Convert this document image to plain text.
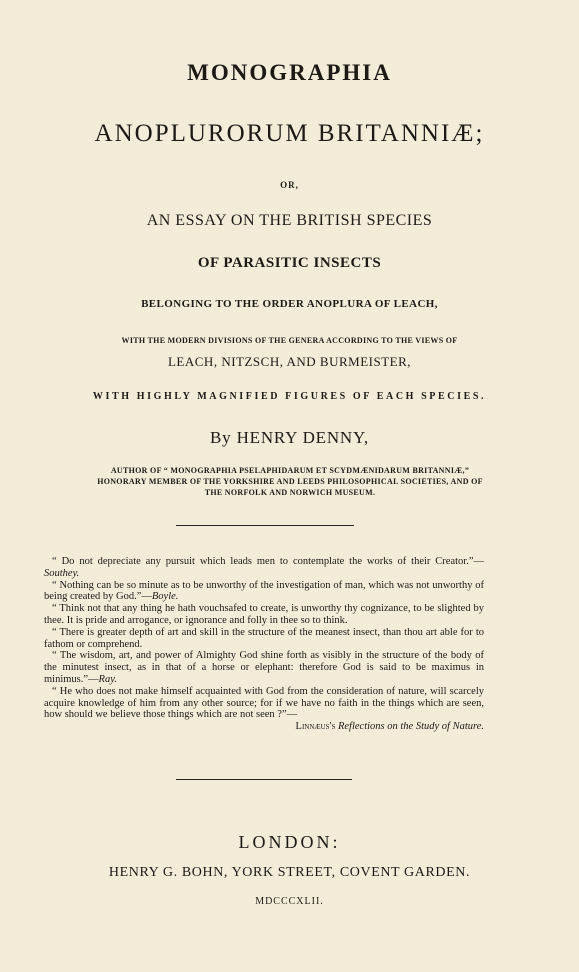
MONOGRAPHIA
ANOPLURORUM BRITANNIÆ;
OR,
AN ESSAY ON THE BRITISH SPECIES
OF PARASITIC INSECTS
BELONGING TO THE ORDER ANOPLURA OF LEACH,
WITH THE MODERN DIVISIONS OF THE GENERA ACCORDING TO THE VIEWS OF
LEACH, NITZSCH, AND BURMEISTER,
WITH HIGHLY MAGNIFIED FIGURES OF EACH SPECIES.
By HENRY DENNY,
AUTHOR OF “ MONOGRAPHIA PSELAPHIDARUM ET SCYDMÆNIDARUM BRITANNIÆ,”
HONORARY MEMBER OF THE YORKSHIRE AND LEEDS PHILOSOPHICAL SOCIETIES, AND OF
THE NORFOLK AND NORWICH MUSEUM.

“ Do not depreciate any pursuit which leads men to contemplate the works of their Creator.”—Southey.

“ Nothing can be so minute as to be unworthy of the investigation of man, which was not unworthy of being created by God.”—Boyle.

“ Think not that any thing he hath vouchsafed to create, is unworthy thy cognizance, to be slighted by thee. It is pride and arrogance, or ignorance and folly in thee so to think.

“ There is greater depth of art and skill in the structure of the meanest insect, than thou art able for to fathom or comprehend.

“ The wisdom, art, and power of Almighty God shine forth as visibly in the structure of the body of the minutest insect, as in that of a horse or elephant: therefore God is said to be maximus in minimus.”—Ray.

“ He who does not make himself acquainted with God from the consideration of nature, will scarcely acquire knowledge of him from any other source; for if we have no faith in the things which are seen, how should we believe those things which are not seen ?”—

Linnæus's Reflections on the Study of Nature.

LONDON:
HENRY G. BOHN, YORK STREET, COVENT GARDEN.
MDCCCXLII.
